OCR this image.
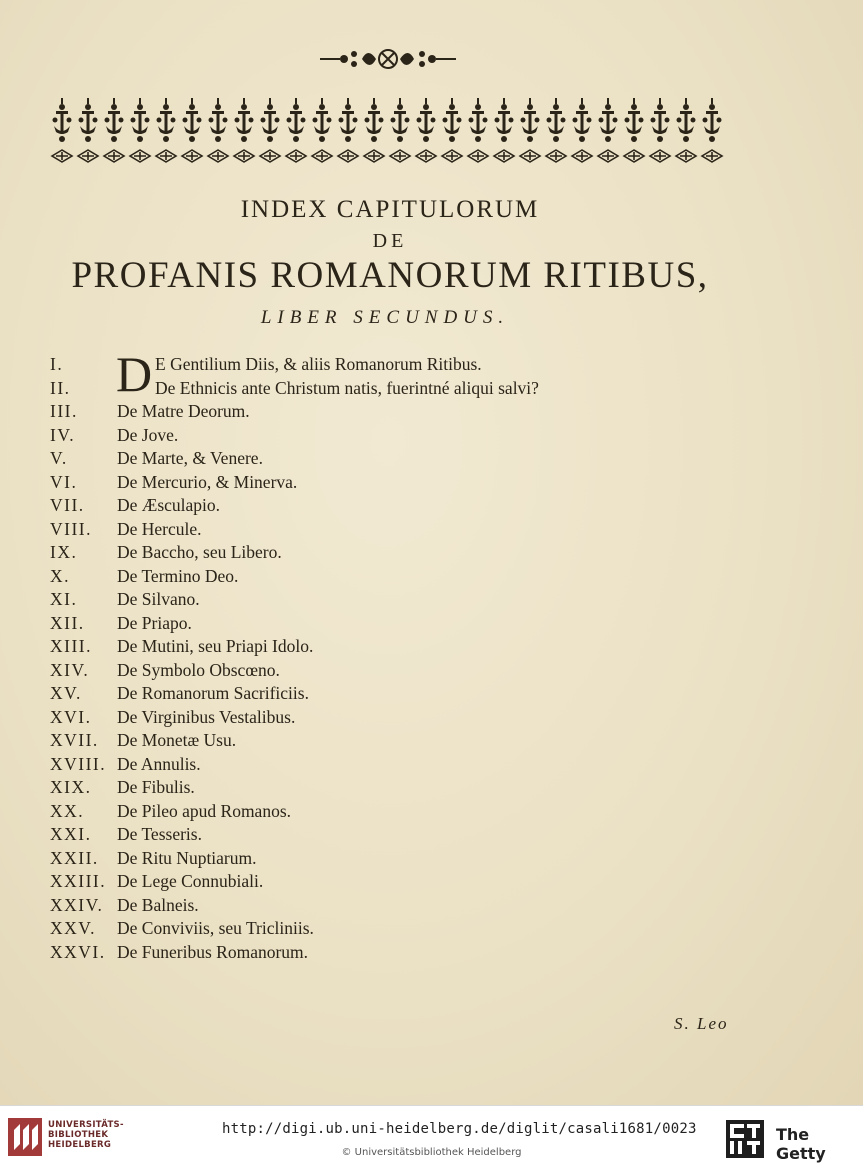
INDEX CAPITULORUM
DE
PROFANIS ROMANORUM RITIBUS,
LIBER SECUNDUS.
I.	D E Gentilium Diis, & aliis Romanorum Ritibus.
II.	De Ethnicis ante Christum natis, fuerintné aliqui salvi?
III.	De Matre Deorum.
IV.	De Jove.
V.	De Marte, & Venere.
VI.	De Mercurio, & Minerva.
VII.	De Æsculapio.
VIII.	De Hercule.
IX.	De Baccho, seu Libero.
X.	De Termino Deo.
XI.	De Silvano.
XII.	De Priapo.
XIII.	De Mutini, seu Priapi Idolo.
XIV.	De Symbolo Obscœno.
XV.	De Romanorum Sacrificiis.
XVI.	De Virginibus Vestalibus.
XVII.	De Monetæ Usu.
XVIII. De Annulis.
XIX.	De Fibulis.
XX.	De Pileo apud Romanos.
XXI.	De Tesseris.
XXII.	De Ritu Nuptiarum.
XXIII. De Lege Connubiali.
XXIV. De Balneis.
XXV.	De Conviviis, seu Tricliniis.
XXVI. De Funeribus Romanorum.
S. Leo
UNIVERSITÄTS-
BIBLIOTHEK
HEIDELBERG
http://digi.ub.uni-heidelberg.de/diglit/casali1681/0023
© Universitätsbibliothek Heidelberg
The Getty
